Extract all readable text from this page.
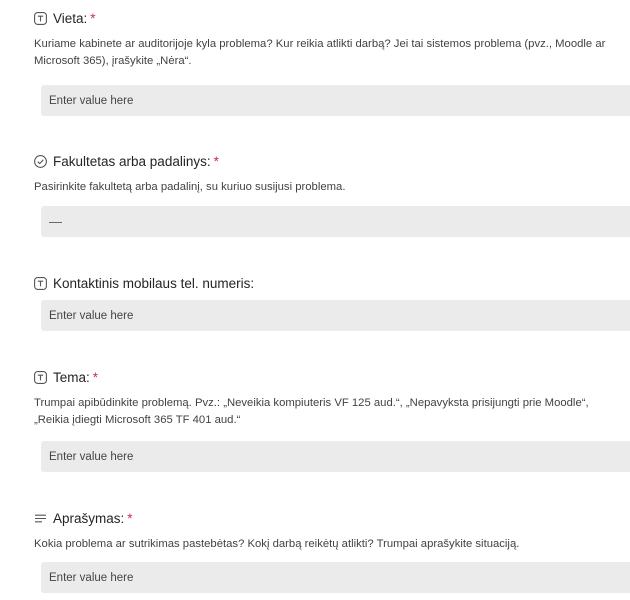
Vieta: *
Kuriame kabinete ar auditorijoje kyla problema? Kur reikia atlikti darbą? Jei tai sistemos problema (pvz., Moodle ar Microsoft 365), įrašykite „Nėra“.
Enter value here
Fakultetas arba padalinys: *
Pasirinkite fakultetą arba padalinį, su kuriuo susijusi problema.
—
Kontaktinis mobilaus tel. numeris:
Enter value here
Tema: *
Trumpai apibūdinkite problemą. Pvz.: „Neveikia kompiuteris VF 125 aud.“, „Nepavyksta prisijungti prie Moodle“, „Reikia įdiegti Microsoft 365 TF 401 aud.“
Enter value here
Aprašymas: *
Kokia problema ar sutrikimas pastebėtas? Kokį darbą reikėtų atlikti? Trumpai aprašykite situaciją.
Enter value here
